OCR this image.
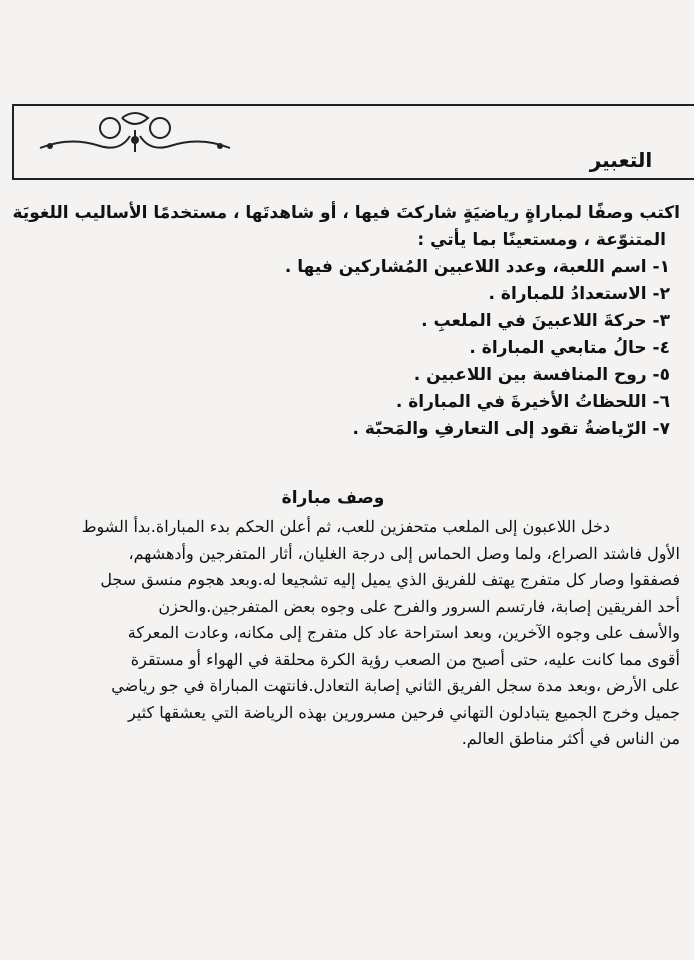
التعبير
اكتب وصفًا لمباراةٍ رياضيَةٍ شاركتَ فيها ، أو شاهدتَها ، مستخدمًا الأساليب اللغويَة
المتنوّعة ، ومستعينًا بما يأتي :
١- اسم اللعبة، وعدد اللاعبين المُشاركين فيها .
٢- الاستعدادُ للمباراة .
٣- حركةَ اللاعبينَ في الملعبِ .
٤- حالُ متابعي المباراة .
٥- روح المنافسة بين اللاعبين .
٦- اللحظاتُ الأخيرةَ في المباراة .
٧- الرّياضةُ تقود إلى التعارفِ والمَحبّة .
وصف مباراة
دخل اللاعبون إلى الملعب متحفزين للعب، ثم أعلن الحكم بدء المباراة.بدأ الشوط
الأول فاشتد الصراع، ولما وصل الحماس إلى درجة الغليان، أثار المتفرجين وأدهشهم،
فصفقوا وصار كل متفرج يهتف للفريق الذي يميل إليه تشجيعا له.وبعد هجوم منسق سجل
أحد الفريقين إصابة، فارتسم السرور والفرح على وجوه بعض المتفرجين.والحزن
والأسف على وجوه الآخرين، وبعد استراحة عاد كل متفرج إلى مكانه، وعادت المعركة
أقوى مما كانت عليه، حتى أصبح من الصعب رؤية الكرة محلقة في الهواء أو مستقرة
على الأرض ،وبعد مدة سجل الفريق الثاني إصابة التعادل.فانتهت المباراة في جو رياضي
جميل وخرج الجميع يتبادلون التهاني فرحين مسرورين بهذه الرياضة التي يعشقها كثير
من الناس في أكثر مناطق العالم.
